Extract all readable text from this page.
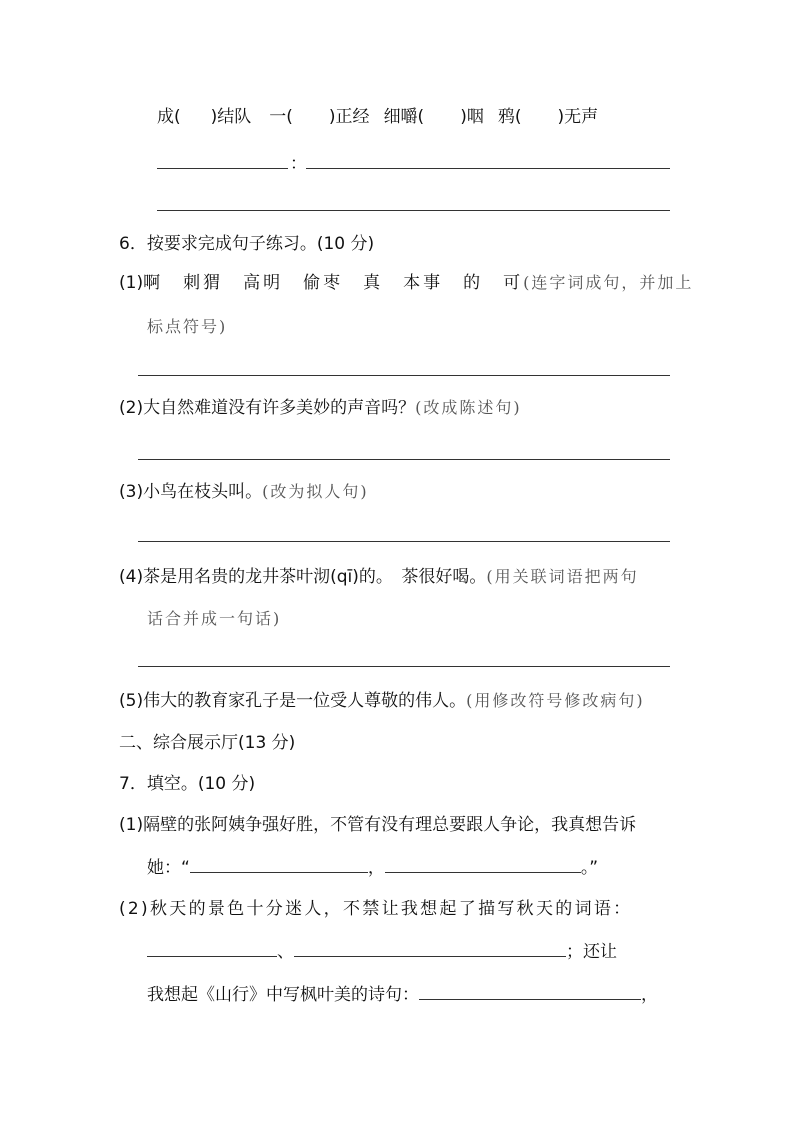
成( )结队 一( )正经 细嚼( )咽 鸦( )无声
：
6．按要求完成句子练习。(10 分)
(1)啊　刺猬　高明　偷枣　真　本事　的　可(连字词成句，并加上
标点符号)
(2)大自然难道没有许多美妙的声音吗？(改成陈述句)
(3)小鸟在枝头叫。(改为拟人句)
(4)茶是用名贵的龙井茶叶沏(qī)的。　茶很好喝。(用关联词语把两句
话合并成一句话)
(5)伟大的教育家孔子是一位受人尊敬的伟人。(用修改符号修改病句)
二、综合展示厅(13 分)
7．填空。(10 分)
(1)隔壁的张阿姨争强好胜，不管有没有理总要跟人争论，我真想告诉
她：“	，	。”
(2)秋天的景色十分迷人，不禁让我想起了描写秋天的词语：
、	；还让
我想起《山行》中写枫叶美的诗句：	，
